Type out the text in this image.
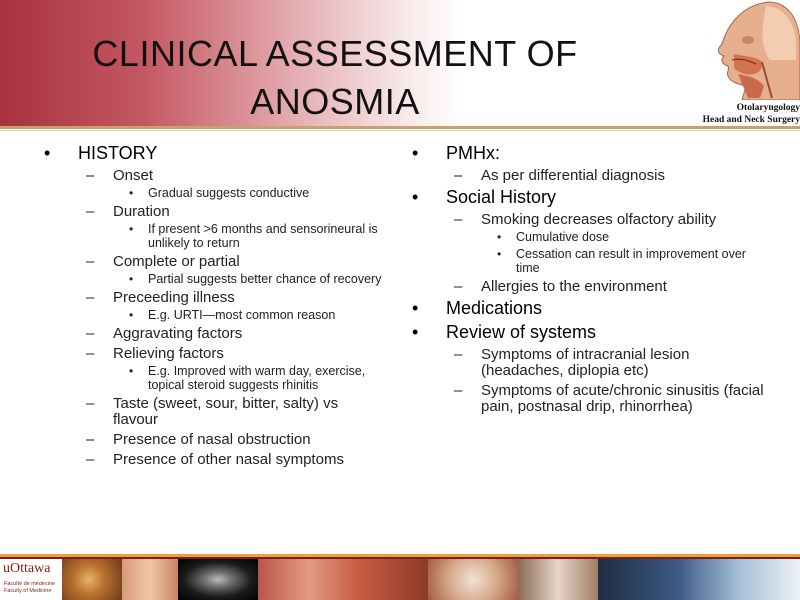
CLINICAL ASSESSMENT OF
ANOSMIA	Otolaryngology
Head and Neck Surgery
• HISTORY
– Onset
• Gradual suggests conductive
– Duration
• If present >6 months and sensorineural is unlikely to return
– Complete or partial
• Partial suggests better chance of recovery
– Preceeding illness
• E.g. URTI—most common reason
– Aggravating factors
– Relieving factors
• E.g. Improved with warm day, exercise, topical steroid suggests rhinitis
– Taste (sweet, sour, bitter, salty) vs flavour
– Presence of nasal obstruction
– Presence of other nasal symptoms
• PMHx:
– As per differential diagnosis
• Social History
– Smoking decreases olfactory ability
• Cumulative dose
• Cessation can result in improvement over time
– Allergies to the environment
• Medications
• Review of systems
– Symptoms of intracranial lesion (headaches, diplopia etc)
– Symptoms of acute/chronic sinusitis (facial pain, postnasal drip, rhinorrhea)
uOttawa
Faculté de médecine
Faculty of Medicine
